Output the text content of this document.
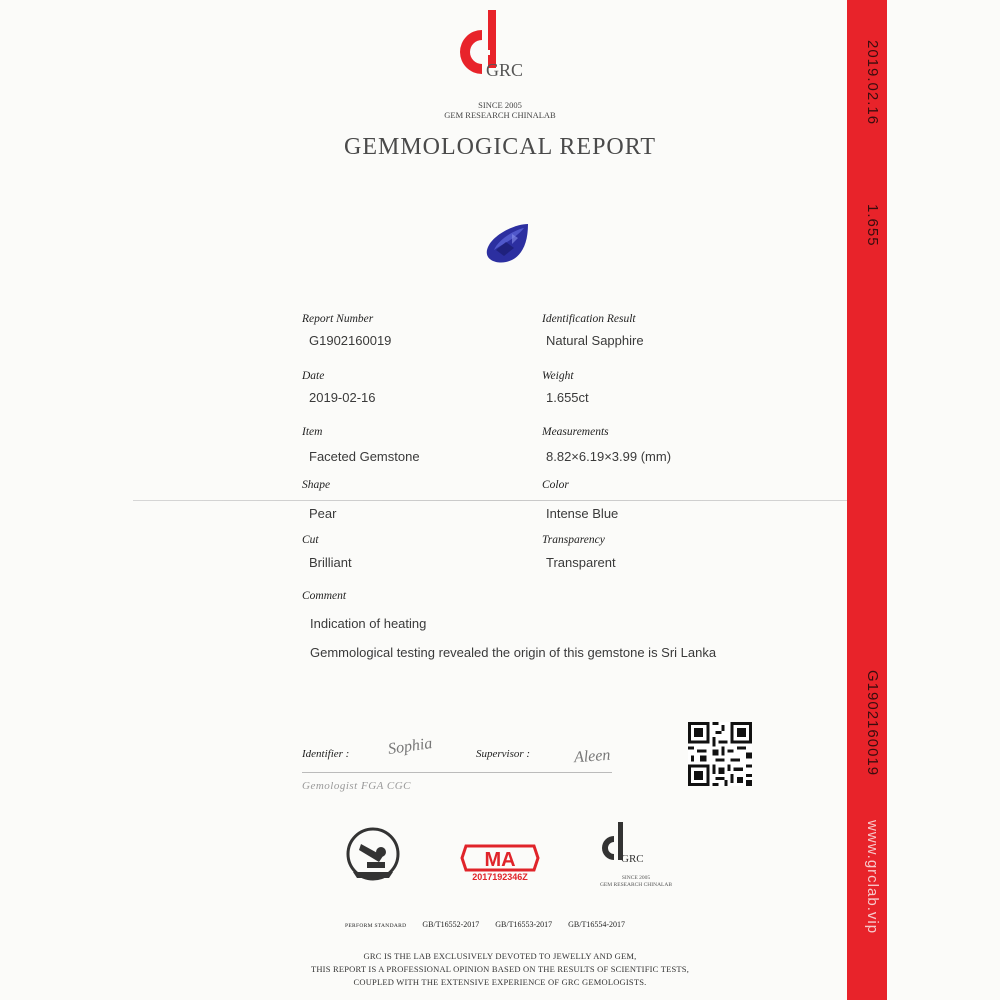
GRC
SINCE 2005
GEM RESEARCH CHINALAB
GEMMOLOGICAL REPORT
Report Number
G1902160019
Date
2019-02-16
Item
Faceted Gemstone
Shape
Pear
Cut
Brilliant
Identification Result
Natural Sapphire
Weight
1.655ct
Measurements
8.82×6.19×3.99 (mm)
Color
Intense Blue
Transparency
Transparent
Comment
Indication of heating
Gemmological testing revealed the origin of this gemstone is Sri Lanka
Identifier : Sophia	Supervisor :	Aleen
Gemologist FGA CGC
MA
2017192346Z
GRC
SINCE 2005
GEM RESEARCH CHINALAB
PERFORM STANDARD GB/T16552-2017 GB/T16553-2017 GB/T16554-2017
GRC IS THE LAB EXCLUSIVELY DEVOTED TO JEWELLY AND GEM,
THIS REPORT IS A PROFESSIONAL OPINION BASED ON THE RESULTS OF SCIENTIFIC TESTS,
COUPLED WITH THE EXTENSIVE EXPERIENCE OF GRC GEMOLOGISTS.
2019.02.16
1.655
G1902160019
www.grclab.vip
